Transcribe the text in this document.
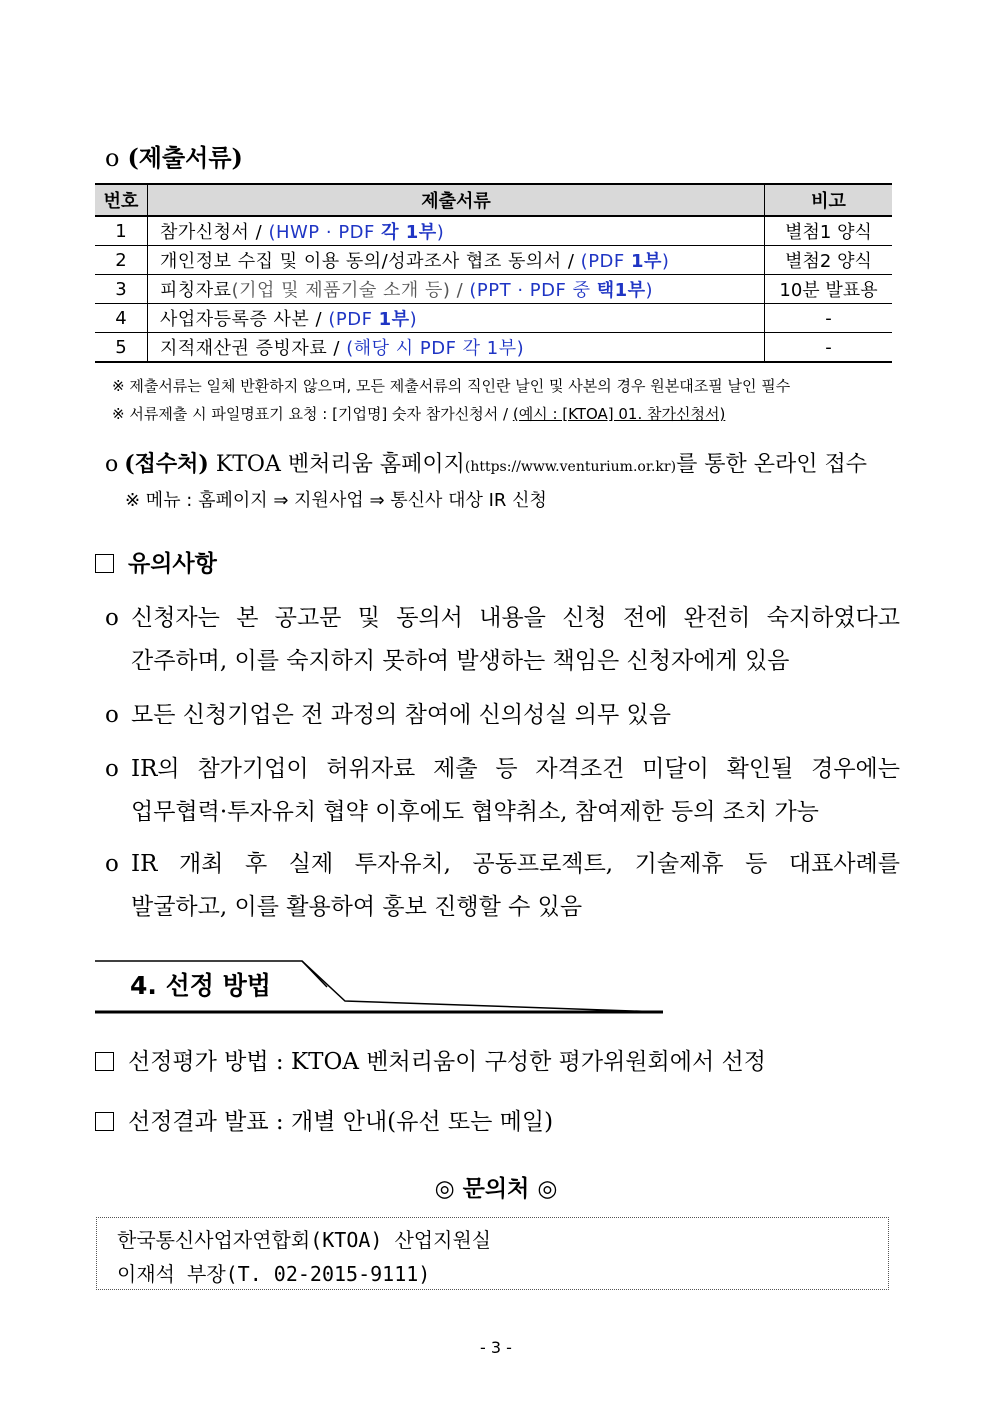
o (제출서류)
번호	제출서류	비고
1	참가신청서 / (HWP · PDF 각 1부)	별첨1 양식
2	개인정보 수집 및 이용 동의/성과조사 협조 동의서 / (PDF 1부)	별첨2 양식
3	피칭자료(기업 및 제품기술 소개 등) / (PPT · PDF 중 택1부)	10분 발표용
4	사업자등록증 사본 / (PDF 1부)	-
5	지적재산권 증빙자료 / (해당 시 PDF 각 1부)	-
※ 제출서류는 일체 반환하지 않으며, 모든 제출서류의 직인란 날인 및 사본의 경우 원본대조필 날인 필수
※ 서류제출 시 파일명표기 요청 : [기업명] 숫자 참가신청서 / (예시 : [KTOA] 01. 참가신청서)
o (접수처) KTOA 벤처리움 홈페이지(https://www.venturium.or.kr)를 통한 온라인 접수
※ 메뉴 : 홈페이지 ⇒ 지원사업 ⇒ 통신사 대상 IR 신청
유의사항
o 신청자는 본 공고문 및 동의서 내용을 신청 전에 완전히 숙지하였다고
간주하며, 이를 숙지하지 못하여 발생하는 책임은 신청자에게 있음
o 모든 신청기업은 전 과정의 참여에 신의성실 의무 있음
o IR의 참가기업이 허위자료 제출 등 자격조건 미달이 확인될 경우에는
업무협력·투자유치 협약 이후에도 협약취소, 참여제한 등의 조치 가능
o IR 개최 후 실제 투자유치, 공동프로젝트, 기술제휴 등 대표사례를
발굴하고, 이를 활용하여 홍보 진행할 수 있음
4. 선정 방법
선정평가 방법 : KTOA 벤처리움이 구성한 평가위원회에서 선정
선정결과 발표 : 개별 안내(유선 또는 메일)
◎ 문의처 ◎
한국통신사업자연합회(KTOA) 산업지원실
이재석 부장(T. 02-2015-9111)
- 3 -
